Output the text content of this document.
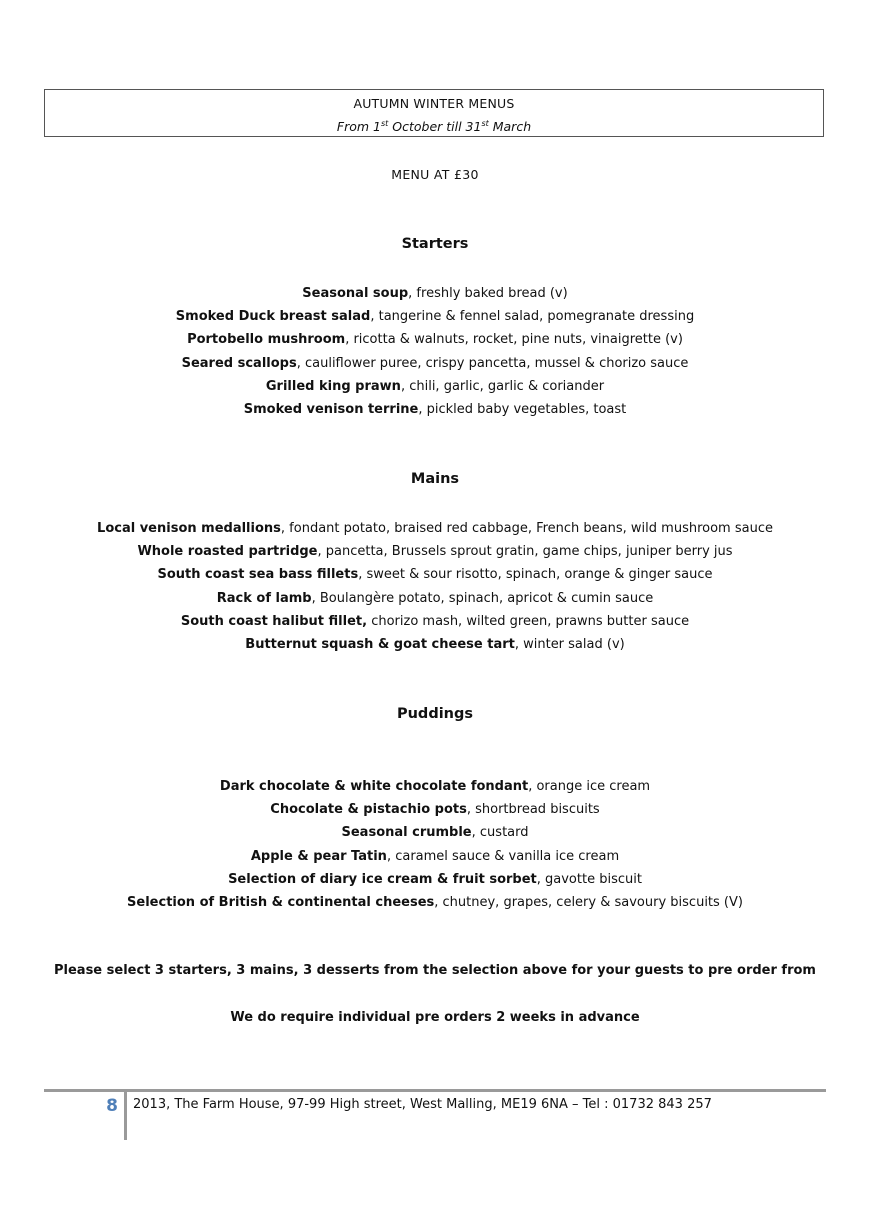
AUTUMN WINTER MENUS
From 1st October till 31st March
MENU AT £30
Starters
Seasonal soup, freshly baked bread (v)
Smoked Duck breast salad, tangerine & fennel salad, pomegranate dressing
Portobello mushroom, ricotta & walnuts, rocket, pine nuts, vinaigrette (v)
Seared scallops, cauliflower puree, crispy pancetta, mussel & chorizo sauce
Grilled king prawn, chili, garlic, garlic & coriander
Smoked venison terrine, pickled baby vegetables, toast
Mains
Local venison medallions, fondant potato, braised red cabbage, French beans, wild mushroom sauce
Whole roasted partridge, pancetta, Brussels sprout gratin, game chips, juniper berry jus
South coast sea bass fillets, sweet & sour risotto, spinach, orange & ginger sauce
Rack of lamb, Boulangère potato, spinach, apricot & cumin sauce
South coast halibut fillet, chorizo mash, wilted green, prawns butter sauce
Butternut squash & goat cheese tart, winter salad (v)
Puddings
Dark chocolate & white chocolate fondant, orange ice cream
Chocolate & pistachio pots, shortbread biscuits
Seasonal crumble, custard
Apple & pear Tatin, caramel sauce & vanilla ice cream
Selection of diary ice cream & fruit sorbet, gavotte biscuit
Selection of British & continental cheeses, chutney, grapes, celery & savoury biscuits (V)
Please select 3 starters, 3 mains, 3 desserts from the selection above for your guests to pre order from
We do require individual pre orders 2 weeks in advance
8	2013, The Farm House, 97-99 High street, West Malling, ME19 6NA – Tel : 01732 843 257
